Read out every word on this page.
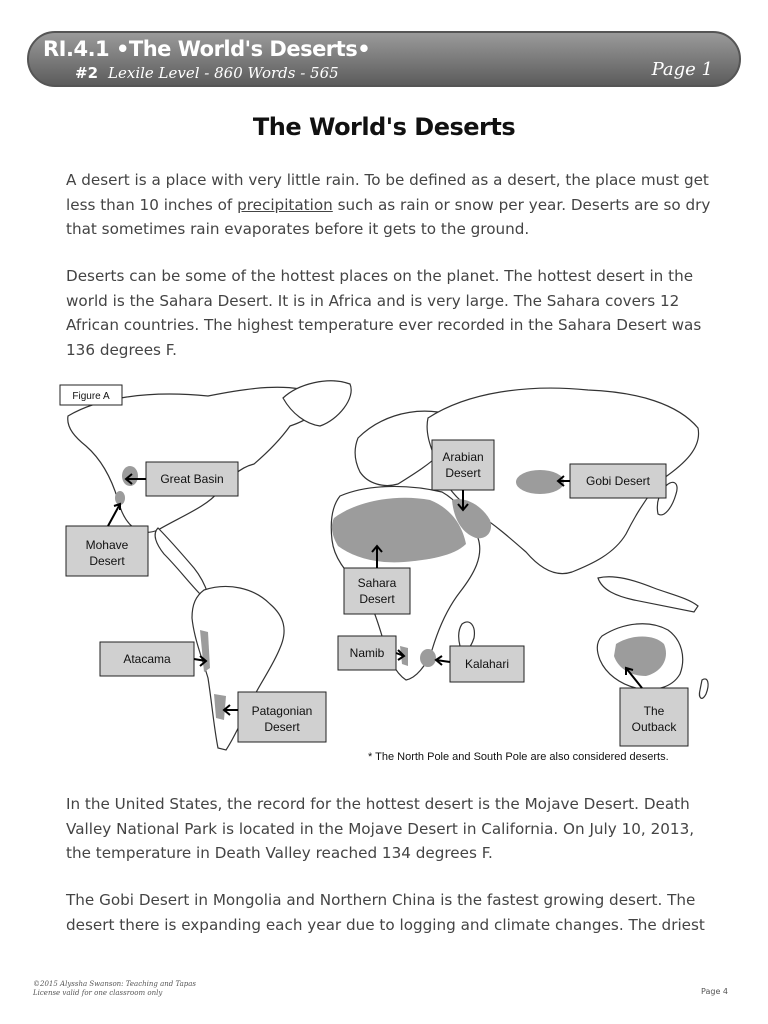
RI.4.1 •The World's Deserts•
#2 Lexile Level - 860 Words - 565	Page 1
The World's Deserts

A desert is a place with very little rain. To be defined as a desert, the place must get less than 10 inches of precipitation such as rain or snow per year. Deserts are so dry that sometimes rain evaporates before it gets to the ground.

Deserts can be some of the hottest places on the planet. The hottest desert in the world is the Sahara Desert. It is in Africa and is very large. The Sahara covers 12 African countries. The highest temperature ever recorded in the Sahara Desert was 136 degrees F.

Figure A
Great Basin
Mohave
Desert
Arabian
Desert
Gobi Desert
Sahara
Desert
Atacama	Namib
Kalahari
Patagonian
Desert
The
Outback
* The North Pole and South Pole are also considered deserts.

In the United States, the record for the hottest desert is the Mojave Desert. Death Valley National Park is located in the Mojave Desert in California. On July 10, 2013, the temperature in Death Valley reached 134 degrees F.

The Gobi Desert in Mongolia and Northern China is the fastest growing desert. The desert there is expanding each year due to logging and climate changes. The driest

©2015 Alyssha Swanson: Teaching and Tapas
License valid for one classroom only	Page 4
